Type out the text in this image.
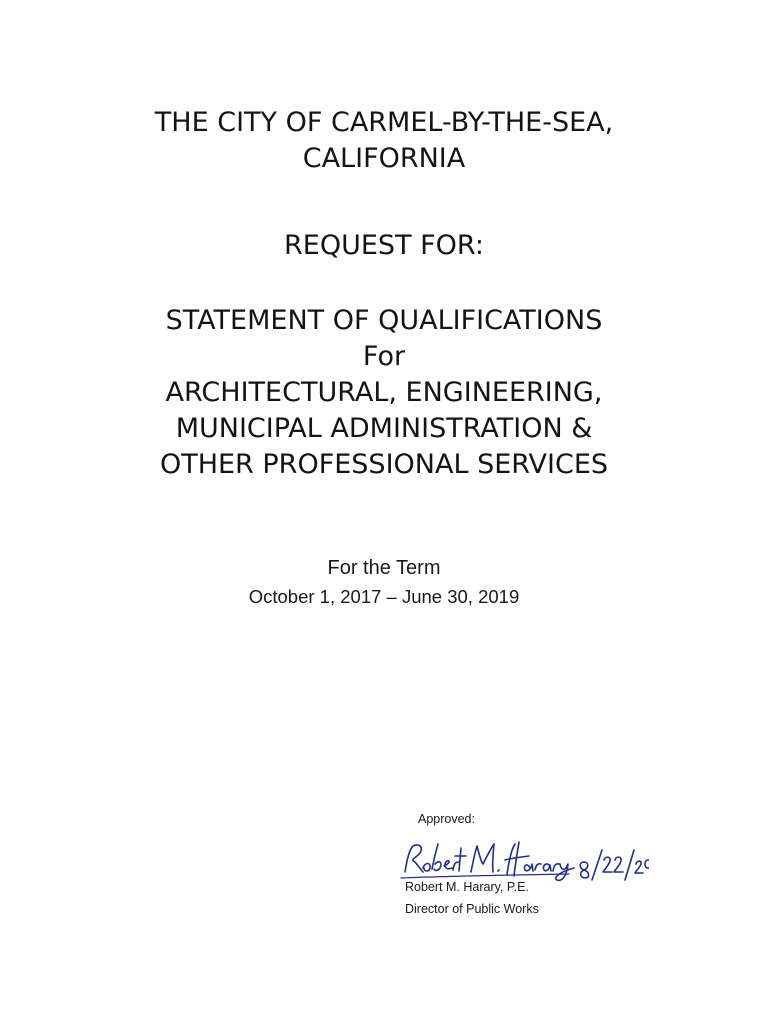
THE CITY OF CARMEL-BY-THE-SEA,
CALIFORNIA
REQUEST FOR:
STATEMENT OF QUALIFICATIONS
For
ARCHITECTURAL, ENGINEERING,
MUNICIPAL ADMINISTRATION &
OTHER PROFESSIONAL SERVICES
For the Term
October 1, 2017 – June 30, 2019
Approved:
Robert M. Harary, P.E.
Director of Public Works
